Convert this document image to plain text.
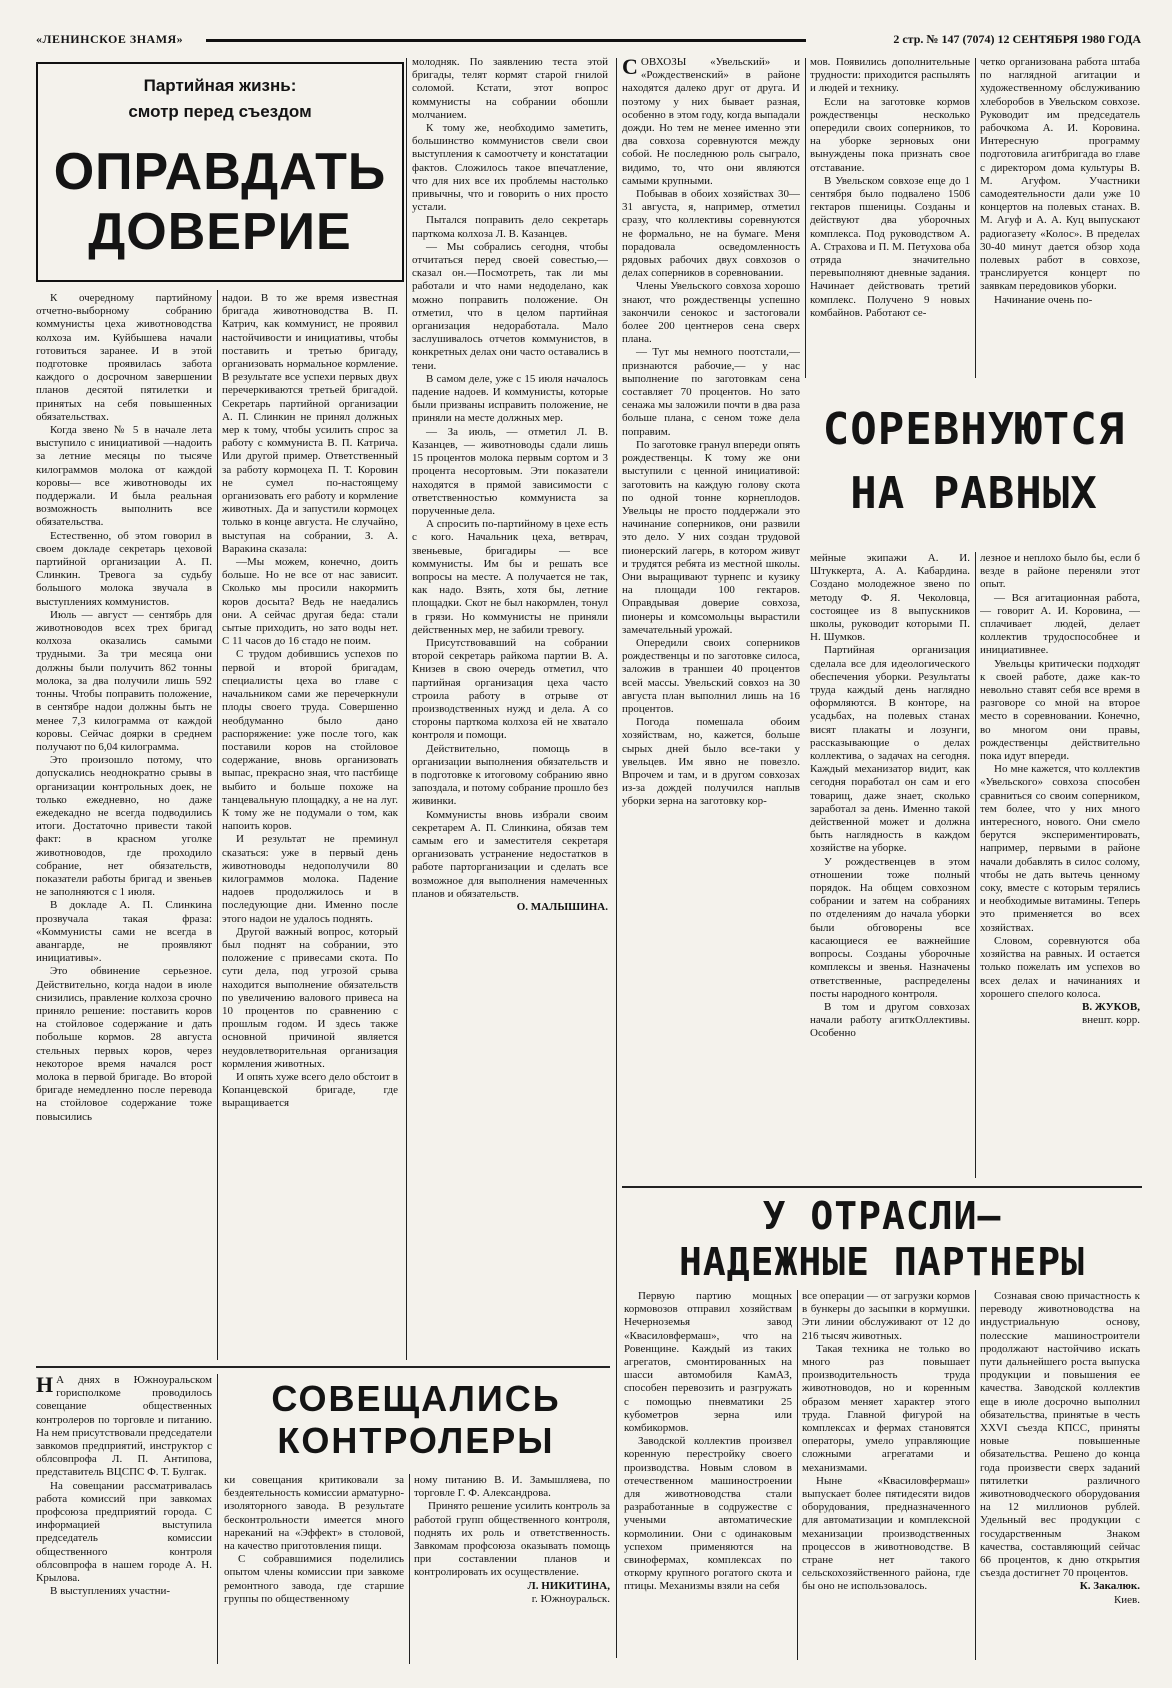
«ЛЕНИНСКОЕ ЗНАМЯ»	2 стр. № 147 (7074) 12 СЕНТЯБРЯ 1980 ГОДА
Партийная жизнь:
смотр перед съездом
ОПРАВДАТЬ
ДОВЕРИЕ

К очередному партийному отчетно-выборному собранию коммунисты цеха животноводства колхоза им. Куйбышева начали готовиться заранее. И в этой подготовке проявилась забота каждого о досрочном завершении планов десятой пятилетки и принятых на себя повышенных обязательствах.

Когда звено № 5 в начале лета выступило с инициативой —надоить за летние месяцы по тысяче килограммов молока от каждой коровы— все животноводы их поддержали. И была реальная возможность выполнить все обязательства.

Естественно, об этом говорил в своем докладе секретарь цеховой партийной организации А. П. Слинкин. Тревога за судьбу большого молока звучала в выступлениях коммунистов.

Июль — август — сентябрь для животноводов всех трех бригад колхоза оказались самыми трудными. За три месяца они должны были получить 862 тонны молока, за два получили лишь 592 тонны. Чтобы поправить положение, в сентябре надои должны быть не менее 7,3 килограмма от каждой коровы. Сейчас доярки в среднем получают по 6,04 килограмма.

Это произошло потому, что допускались неоднократно срывы в организации контрольных доек, не только ежедневно, но даже ежедекадно не всегда подводились итоги. Достаточно привести такой факт: в красном уголке животноводов, где проходило собрание, нет обязательств, показатели работы бригад и звеньев не заполняются с 1 июля.

В докладе А. П. Слинкина прозвучала такая фраза: «Коммунисты сами не всегда в авангарде, не проявляют инициативы».

Это обвинение серьезное. Действительно, когда надои в июле снизились, правление колхоза срочно приняло решение: поставить коров на стойловое содержание и дать побольше кормов. 28 августа стельных первых коров, через некоторое время начался рост молока в первой бригаде. Во второй бригаде немедленно после перевода на стойловое содержание тоже повысились

надои. В то же время известная бригада животноводства В. П. Катрич, как коммунист, не проявил настойчивости и инициативы, чтобы поставить и третью бригаду, организовать нормальное кормление. В результате все успехи первых двух перечеркиваются третьей бригадой. Секретарь партийной организации А. П. Слинкин не принял должных мер к тому, чтобы усилить спрос за работу с коммуниста В. П. Катрича. Или другой пример. Ответственный за работу кормоцеха П. Т. Коровин не сумел по-настоящему организовать его работу и кормление животных. Да и запустили кормоцех только в конце августа. Не случайно, выступая на собрании, З. А. Варакина сказала:

—Мы можем, конечно, доить больше. Но не все от нас зависит. Сколько мы просили накормить коров досыта? Ведь не наедались они. А сейчас другая беда: стали сытые приходить, но зато воды нет. С 11 часов до 16 стадо не поим.

С трудом добившись успехов по первой и второй бригадам, специалисты цеха во главе с начальником сами же перечеркнули плоды своего труда. Совершенно необдуманно было дано распоряжение: уже после того, как поставили коров на стойловое содержание, вновь организовать выпас, прекрасно зная, что пастбище выбито и больше похоже на танцевальную площадку, а не на луг. К тому же не подумали о том, как напоить коров.

И результат не преминул сказаться: уже в первый день животноводы недополучили 80 килограммов молока. Падение надоев продолжилось и в последующие дни. Именно после этого надои не удалось поднять.

Другой важный вопрос, который был поднят на собрании, это положение с привесами скота. По сути дела, под угрозой срыва находится выполнение обязательств по увеличению валового привеса на 10 процентов по сравнению с прошлым годом. И здесь также основной причиной является неудовлетворительная организация кормления животных.

И опять хуже всего дело обстоит в Копанцевской бригаде, где выращивается

молодняк. По заявлению теста этой бригады, телят кормят старой гнилой соломой. Кстати, этот вопрос коммунисты на собрании обошли молчанием.

К тому же, необходимо заметить, большинство коммунистов свели свои выступления к самоотчету и констатации фактов. Сложилось такое впечатление, что для них все их проблемы настолько привычны, что и говорить о них просто устали.

Пытался поправить дело секретарь парткома колхоза Л. В. Казанцев.

— Мы собрались сегодня, чтобы отчитаться перед своей совестью,— сказал он.—Посмотреть, так ли мы работали и что нами недоделано, как можно поправить положение. Он отметил, что в целом партийная организация недоработала. Мало заслушивалось отчетов коммунистов, в конкретных делах они часто оставались в тени.

В самом деле, уже с 15 июля началось падение надоев. И коммунисты, которые были призваны исправить положение, не приняли на месте должных мер.

— За июль, — отметил Л. В. Казанцев, — животноводы сдали лишь 15 процентов молока первым сортом и 3 процента несортовым. Эти показатели находятся в прямой зависимости с ответственностью коммуниста за порученные дела.

А спросить по-партийному в цехе есть с кого. Начальник цеха, ветврач, звеньевые, бригадиры — все коммунисты. Им бы и решать все вопросы на месте. А получается не так, как надо. Взять, хотя бы, летние площадки. Скот не был накормлен, тонул в грязи. Но коммунисты не приняли действенных мер, не забили тревогу.

Присутствовавший на собрании второй секретарь райкома партии В. А. Книзев в свою очередь отметил, что партийная организация цеха часто строила работу в отрыве от производственных нужд и дела. А со стороны парткома колхоза ей не хватало контроля и помощи.

Действительно, помощь в организации выполнения обязательств и в подготовке к итоговому собранию явно запоздала, и потому собрание прошло без живинки.

Коммунисты вновь избрали своим секретарем А. П. Слинкина, обязав тем самым его и заместителя секретаря организовать устранение недостатков в работе парторганизации и сделать все возможное для выполнения намеченных планов и обязательств.

О. МАЛЫШИНА.

СОВХОЗЫ «Увельский» и «Рождественский» в районе находятся далеко друг от друга. И поэтому у них бывает разная, особенно в этом году, когда выпадали дожди. Но тем не менее именно эти два совхоза соревнуются между собой. Не последнюю роль сыграло, видимо, то, что они являются самыми крупными.

Побывав в обоих хозяйствах 30—31 августа, я, например, отметил сразу, что коллективы соревнуются не формально, не на бумаге. Меня порадовала осведомленность рядовых рабочих двух совхозов о делах соперников в соревновании.

Члены Увельского совхоза хорошо знают, что рождественцы успешно закончили сенокос и застоговали более 200 центнеров сена сверх плана.

— Тут мы немного поотстали,— признаются рабочие,— у нас выполнение по заготовкам сена составляет 70 процентов. Но зато сенажа мы заложили почти в два раза больше плана, с сеном тоже дела поправим.

По заготовке гранул впереди опять рождественцы. К тому же они выступили с ценной инициативой: заготовить на каждую голову скота по одной тонне корнеплодов. Увельцы не просто поддержали это начинание соперников, они развили это дело. У них создан трудовой пионерский лагерь, в котором живут и трудятся ребята из местной школы. Они выращивают турнепс и кузику на площади 100 гектаров. Оправдывая доверие совхоза, пионеры и комсомольцы вырастили замечательный урожай.

Опередили своих соперников рождественцы и по заготовке силоса, заложив в траншеи 40 процентов всей массы. Увельский совхоз на 30 августа план выполнил лишь на 16 процентов.

Погода помешала обоим хозяйствам, но, кажется, больше сырых дней было все-таки у увельцев. Им явно не повезло. Впрочем и там, и в другом совхозах из-за дождей получился наплыв уборки зерна на заготовку кор-

мов. Появились дополнительные трудности: приходится распылять и людей и технику.

Если на заготовке кормов рождественцы несколько опередили своих соперников, то на уборке зерновых они вынуждены пока признать свое отставание.

В Увельском совхозе еще до 1 сентября было подвалено 1506 гектаров пшеницы. Созданы и действуют два уборочных комплекса. Под руководством А. А. Страхова и П. М. Петухова оба отряда значительно перевыполняют дневные задания. Начинает действовать третий комплекс. Получено 9 новых комбайнов. Работают се-

четко организована работа штаба по наглядной агитации и художественному обслуживанию хлеборобов в Увельском совхозе. Руководит им председатель рабочкома А. И. Коровина. Интересную программу подготовила агитбригада во главе с директором дома культуры В. М. Агуфом. Участники самодеятельности дали уже 10 концертов на полевых станах. В. М. Агуф и А. А. Куц выпускают радиогазету «Колос». В пределах 30-40 минут дается обзор хода полевых работ в совхозе, транслируется концерт по заявкам передовиков уборки.

Начинание очень по-

СОРЕВНУЮТСЯ
НА РАВНЫХ

мейные экипажи А. И. Штуккерта, А. А. Кабардина. Создано молодежное звено по методу Ф. Я. Чеколовца, состоящее из 8 выпускников школы, руководит которыми П. Н. Шумков.

Партийная организация сделала все для идеологического обеспечения уборки. Результаты труда каждый день наглядно оформляются. В конторе, на усадьбах, на полевых станах висят плакаты и лозунги, рассказывающие о делах коллектива, о задачах на сегодня. Каждый механизатор видит, как сегодня поработал он сам и его товарищ, даже знает, сколько заработал за день. Именно такой действенной может и должна быть наглядность в каждом хозяйстве на уборке.

У рождественцев в этом отношении тоже полный порядок. На общем совхозном собрании и затем на собраниях по отделениям до начала уборки были обговорены все касающиеся ее важнейшие вопросы. Созданы уборочные комплексы и звенья. Назначены ответственные, распределены посты народного контроля.

В том и другом совхозах начали работу агиткОллективы. Особенно

лезное и неплохо было бы, если б везде в районе переняли этот опыт.

— Вся агитационная работа, — говорит А. И. Коровина, —сплачивает людей, делает коллектив трудоспособнее и инициативнее.

Увельцы критически подходят к своей работе, даже как-то невольно ставят себя все время в разговоре со мной на второе место в соревновании. Конечно, во многом они правы, рождественцы действительно пока идут впереди.

Но мне кажется, что коллектив «Увельского» совхоза способен сравниться со своим соперником, тем более, что у них много интересного, нового. Они смело берутся экспериментировать, например, первыми в районе начали добавлять в силос солому, чтобы не дать вытечь ценному соку, вместе с которым терялись и необходимые витамины. Теперь это применяется во всех хозяйствах.

Словом, соревнуются оба хозяйства на равных. И остается только пожелать им успехов во всех делах и начинаниях и хорошего спелого колоса.

В. ЖУКОВ,

внешт. корр.

У ОТРАСЛИ—
НАДЕЖНЫЕ ПАРТНЕРЫ

Первую партию мощных кормовозов отправил хозяйствам Нечерноземья завод «Квасиловфермаш», что на Ровенщине. Каждый из таких агрегатов, смонтированных на шасси автомобиля КамАЗ, способен перевозить и разгружать с помощью пневматики 25 кубометров зерна или комбикормов.

Заводской коллектив произвел коренную перестройку своего производства. Новым словом в отечественном машиностроении для животноводства стали разработанные в содружестве с учеными автоматические кормолинии. Они с одинаковым успехом применяются на свинофермах, комплексах по откорму крупного рогатого скота и птицы. Механизмы взяли на себя

все операции — от загрузки кормов в бункеры до засыпки в кормушки. Эти линии обслуживают от 12 до 216 тысяч животных.

Такая техника не только во много раз повышает производительность труда животноводов, но и коренным образом меняет характер этого труда. Главной фигурой на комплексах и фермах становятся операторы, умело управляющие сложными агрегатами и механизмами.

Ныне «Квасиловфермаш» выпускает более пятидесяти видов оборудования, предназначенного для автоматизации и комплексной механизации производственных процессов в животноводстве. В стране нет такого сельскохозяйственного района, где бы оно не использовалось.

Сознавая свою причастность к переводу животноводства на индустриальную основу, полесские машиностроители продолжают настойчиво искать пути дальнейшего роста выпуска продукции и повышения ее качества. Заводской коллектив еще в июле досрочно выполнил обязательства, принятые в честь XXVI съезда КПСС, приняты новые повышенные обязательства. Решено до конца года произвести сверх заданий пятилетки различного животноводческого оборудования на 12 миллионов рублей. Удельный вес продукции с государственным Знаком качества, составляющий сейчас 66 процентов, к дню открытия съезда достигнет 70 процентов.

К. Закалюк.

Киев.

Н А днях в Южноуральском горисполкоме проводилось совещание общественных контролеров по торговле и питанию. На нем присутствовали председатели завкомов предприятий, инструктор с облсовпрофа Л. П. Антипова, представитель ВЦСПС Ф. Т. Булгак.

На совещании рассматривалась работа комиссий при завкомах профсоюза предприятий города. С информацией выступила председатель комиссии общественного контроля облсовпрофа в нашем городе А. Н. Крылова.

В выступлениях участни-

СОВЕЩАЛИСЬ
КОНТРОЛЕРЫ

ки совещания критиковали за бездеятельность комиссии арматурно-изоляторного завода. В результате бесконтрольности имеется много нареканий на «Эффект» в столовой, на качество приготовления пищи.

С собравшимися поделились опытом члены комиссии при завкоме ремонтного завода, где старшие группы по общественному

ному питанию В. И. Замышляева, по торговле Г. Ф. Александрова.

Принято решение усилить контроль за работой групп общественного контроля, поднять их роль и ответственность. Завкомам профсоюза оказывать помощь при составлении планов и контролировать их осуществление.

Л. НИКИТИНА,

г. Южноуральск.
